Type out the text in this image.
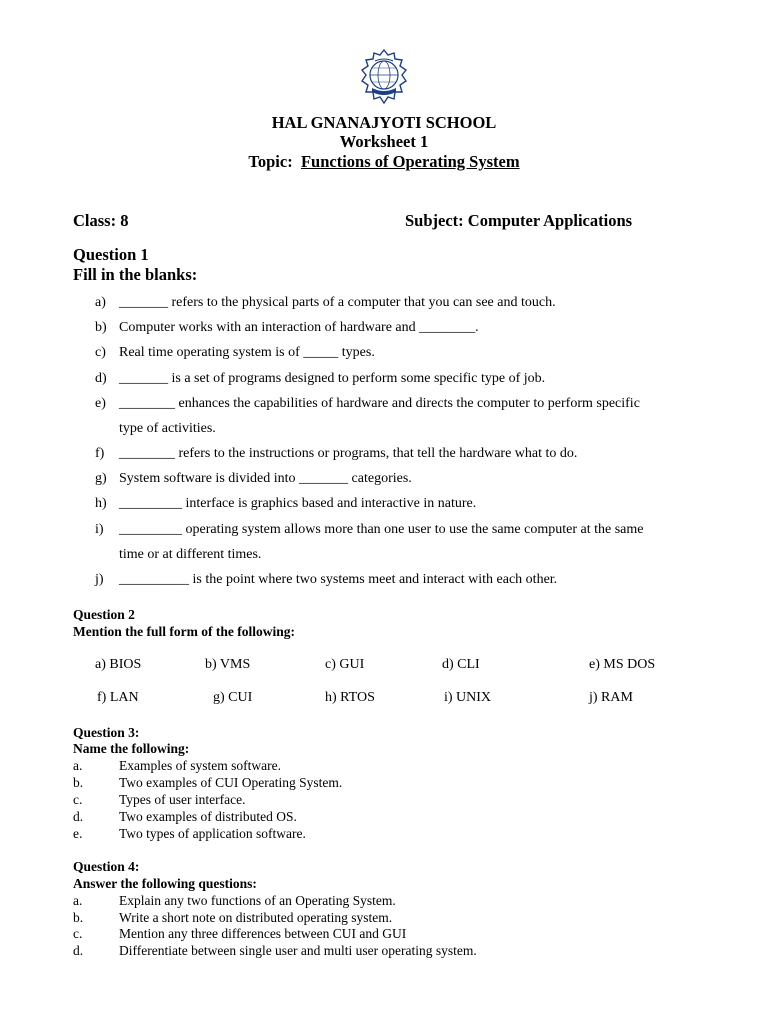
HAL GNANAJYOTI SCHOOL
Worksheet 1
Topic: Functions of Operating System
Class: 8	Subject: Computer Applications
Question 1
Fill in the blanks:
a) _______ refers to the physical parts of a computer that you can see and touch.
b) Computer works with an interaction of hardware and ________.
c) Real time operating system is of _____ types.
d) _______ is a set of programs designed to perform some specific type of job.
e) ________ enhances the capabilities of hardware and directs the computer to perform specific
type of activities.
f) ________ refers to the instructions or programs, that tell the hardware what to do.
g) System software is divided into _______ categories.
h) _________ interface is graphics based and interactive in nature.
i) _________ operating system allows more than one user to use the same computer at the same
time or at different times.
j) __________ is the point where two systems meet and interact with each other.
Question 2
Mention the full form of the following:
a) BIOS	b) VMS	c) GUI	d) CLI	e) MS DOS
f) LAN	g) CUI	h) RTOS	i) UNIX	j) RAM
Question 3:
Name the following:
a.	Examples of system software.
b.	Two examples of CUI Operating System.
c.	Types of user interface.
d.	Two examples of distributed OS.
e.	Two types of application software.
Question 4:
Answer the following questions:
a.	Explain any two functions of an Operating System.
b.	Write a short note on distributed operating system.
c.	Mention any three differences between CUI and GUI
d.	Differentiate between single user and multi user operating system.
